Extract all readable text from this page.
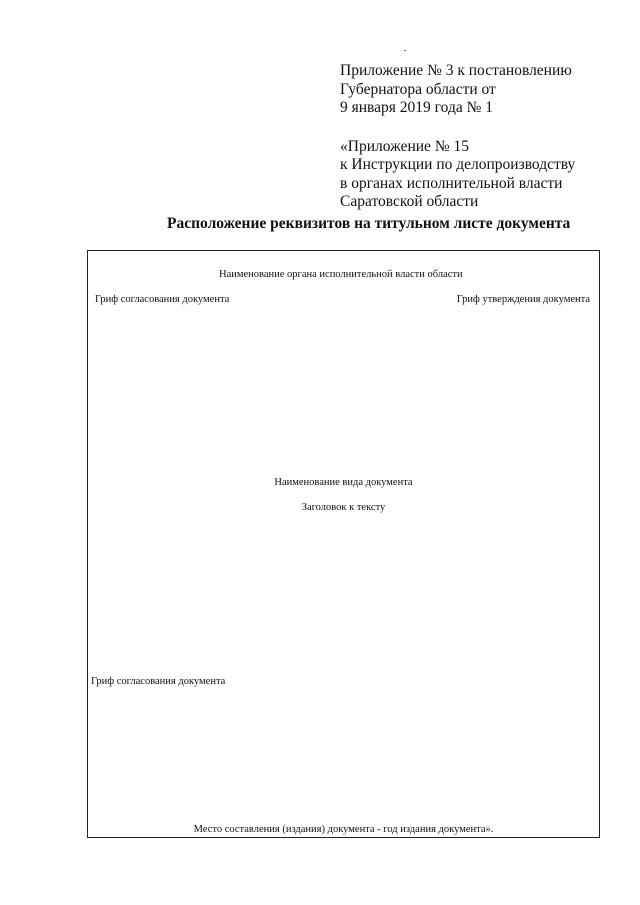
Приложение № 3 к постановлению
Губернатора области от
9 января 2019 года № 1
«Приложение № 15
к Инструкции по делопроизводству
в органах исполнительной власти
Саратовской области
Расположение реквизитов на титульном листе документа
Наименование органа исполнительной власти области
Гриф согласования документа	Гриф утверждения документа
Наименование вида документа
Заголовок к тексту
Гриф согласования документа
Место составления (издания) документа - год издания документа».
